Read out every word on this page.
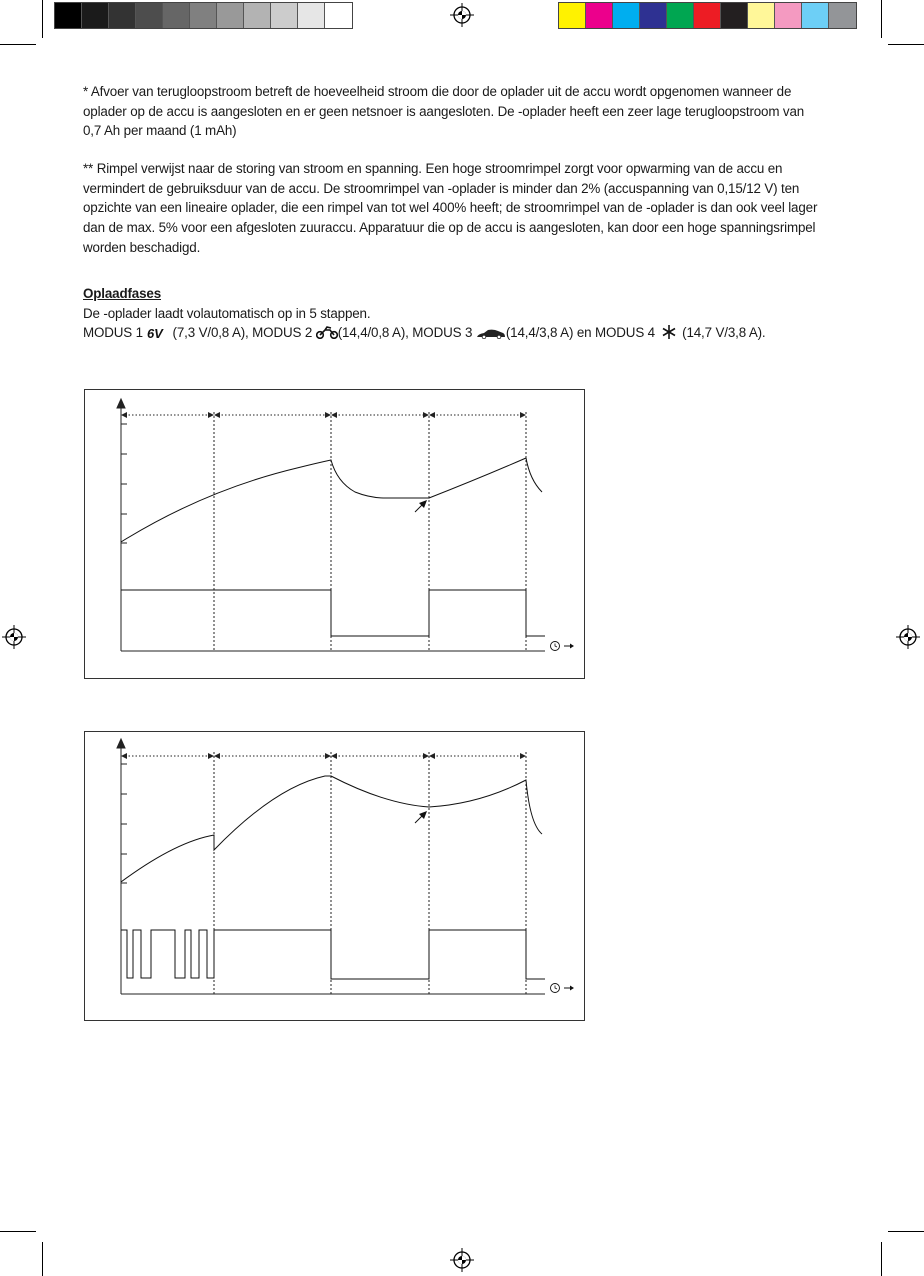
* Afvoer van terugloopstroom betreft de hoeveelheid stroom die door de oplader uit de accu wordt opgenomen wanneer de

oplader op de accu is aangesloten en er geen netsnoer is aangesloten. De -oplader heeft een zeer lage terugloopstroom van

0,7 Ah per maand (1 mAh)

** Rimpel verwijst naar de storing van stroom en spanning. Een hoge stroomrimpel zorgt voor opwarming van de accu en

vermindert de gebruiksduur van de accu. De stroomrimpel van -oplader is minder dan 2% (accuspanning van 0,15/12 V) ten

opzichte van een lineaire oplader, die een rimpel van tot wel 400% heeft; de stroomrimpel van de -oplader is dan ook veel lager

dan de max. 5% voor een afgesloten zuuraccu. Apparatuur die op de accu is aangesloten, kan door een hoge spanningsrimpel

worden beschadigd.

Oplaadfases

De -oplader laadt volautomatisch op in 5 stappen.

MODUS 1 6V (7,3 V/0,8 A), MODUS 2 (14,4/0,8 A), MODUS 3	(14,4/3,8 A) en MODUS 4  (14,7 V/3,8 A).
